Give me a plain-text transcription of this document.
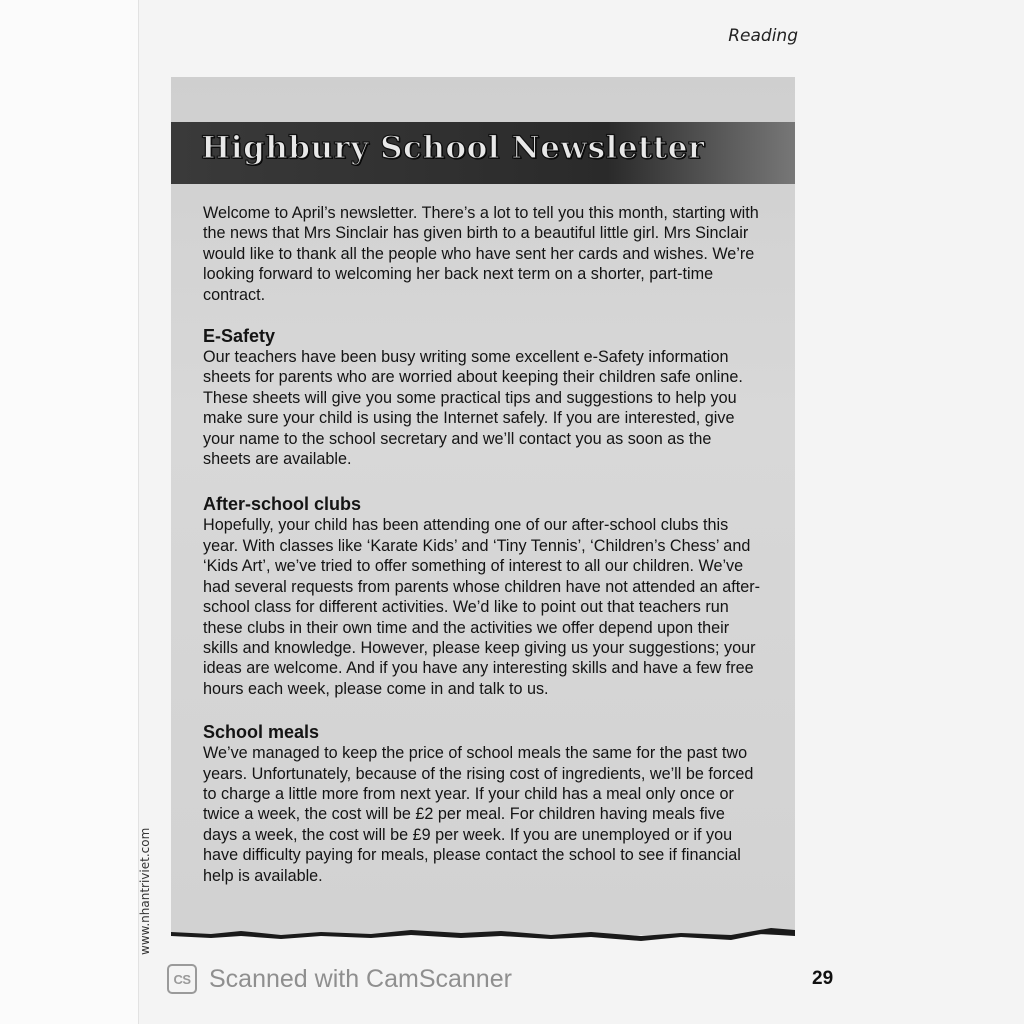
Reading
Highbury School Newsletter

Welcome to April’s newsletter. There’s a lot to tell you this month, starting with the news that Mrs Sinclair has given birth to a beautiful little girl. Mrs Sinclair would like to thank all the people who have sent her cards and wishes. We’re looking forward to welcoming her back next term on a shorter, part-time contract.

E-Safety

Our teachers have been busy writing some excellent e-Safety information sheets for parents who are worried about keeping their children safe online. These sheets will give you some practical tips and suggestions to help you make sure your child is using the Internet safely. If you are interested, give your name to the school secretary and we’ll contact you as soon as the sheets are available.

After-school clubs

Hopefully, your child has been attending one of our after-school clubs this year. With classes like ‘Karate Kids’ and ‘Tiny Tennis’, ‘Children’s Chess’ and ‘Kids Art’, we’ve tried to offer something of interest to all our children. We’ve had several requests from parents whose children have not attended an after-school class for different activities. We’d like to point out that teachers run these clubs in their own time and the activities we offer depend upon their skills and knowledge. However, please keep giving us your suggestions; your ideas are welcome. And if you have any interesting skills and have a few free hours each week, please come in and talk to us.

School meals

We’ve managed to keep the price of school meals the same for the past two years. Unfortunately, because of the rising cost of ingredients, we’ll be forced to charge a little more from next year. If your child has a meal only once or twice a week, the cost will be £2 per meal. For children having meals five days a week, the cost will be £9 per week. If you are unemployed or if you have difficulty paying for meals, please contact the school to see if financial help is available.

www.nhantriviet.com
CS Scanned with CamScanner	29
